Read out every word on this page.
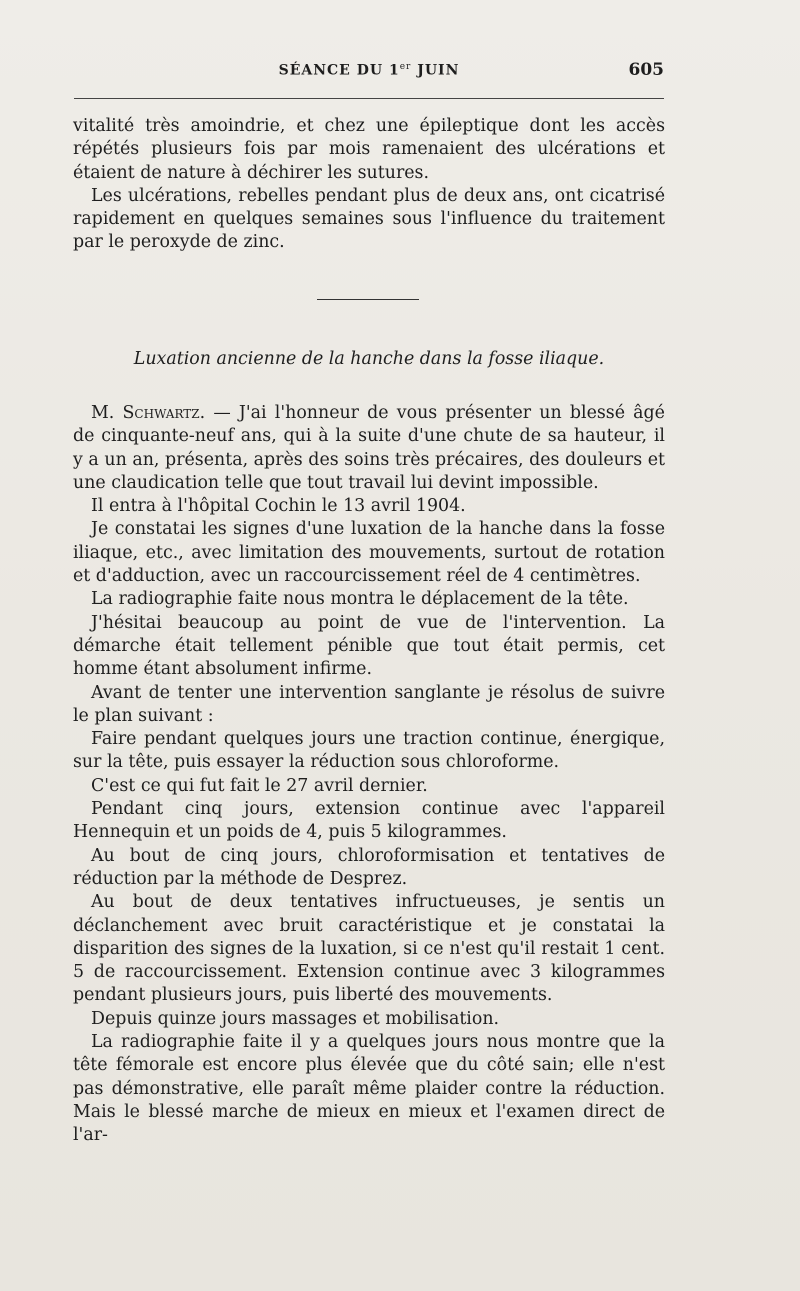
SÉANCE DU 1er JUIN	605

vitalité très amoindrie, et chez une épileptique dont les accès répétés plusieurs fois par mois ramenaient des ulcérations et étaient de nature à déchirer les sutures.

Les ulcérations, rebelles pendant plus de deux ans, ont cicatrisé rapidement en quelques semaines sous l'influence du traitement par le peroxyde de zinc.

Luxation ancienne de la hanche dans la fosse iliaque.

M. Schwartz. — J'ai l'honneur de vous présenter un blessé âgé de cinquante-neuf ans, qui à la suite d'une chute de sa hauteur, il y a un an, présenta, après des soins très précaires, des douleurs et une claudication telle que tout travail lui devint impossible.

Il entra à l'hôpital Cochin le 13 avril 1904.

Je constatai les signes d'une luxation de la hanche dans la fosse iliaque, etc., avec limitation des mouvements, surtout de rotation et d'adduction, avec un raccourcissement réel de 4 centimètres.

La radiographie faite nous montra le déplacement de la tête.

J'hésitai beaucoup au point de vue de l'intervention. La démarche était tellement pénible que tout était permis, cet homme étant absolument infirme.

Avant de tenter une intervention sanglante je résolus de suivre le plan suivant :

Faire pendant quelques jours une traction continue, énergique, sur la tête, puis essayer la réduction sous chloroforme.

C'est ce qui fut fait le 27 avril dernier.

Pendant cinq jours, extension continue avec l'appareil Hennequin et un poids de 4, puis 5 kilogrammes.

Au bout de cinq jours, chloroformisation et tentatives de réduction par la méthode de Desprez.

Au bout de deux tentatives infructueuses, je sentis un déclanchement avec bruit caractéristique et je constatai la disparition des signes de la luxation, si ce n'est qu'il restait 1 cent. 5 de raccourcissement. Extension continue avec 3 kilogrammes pendant plusieurs jours, puis liberté des mouvements.

Depuis quinze jours massages et mobilisation.

La radiographie faite il y a quelques jours nous montre que la tête fémorale est encore plus élevée que du côté sain; elle n'est pas démonstrative, elle paraît même plaider contre la réduction. Mais le blessé marche de mieux en mieux et l'examen direct de l'ar-
